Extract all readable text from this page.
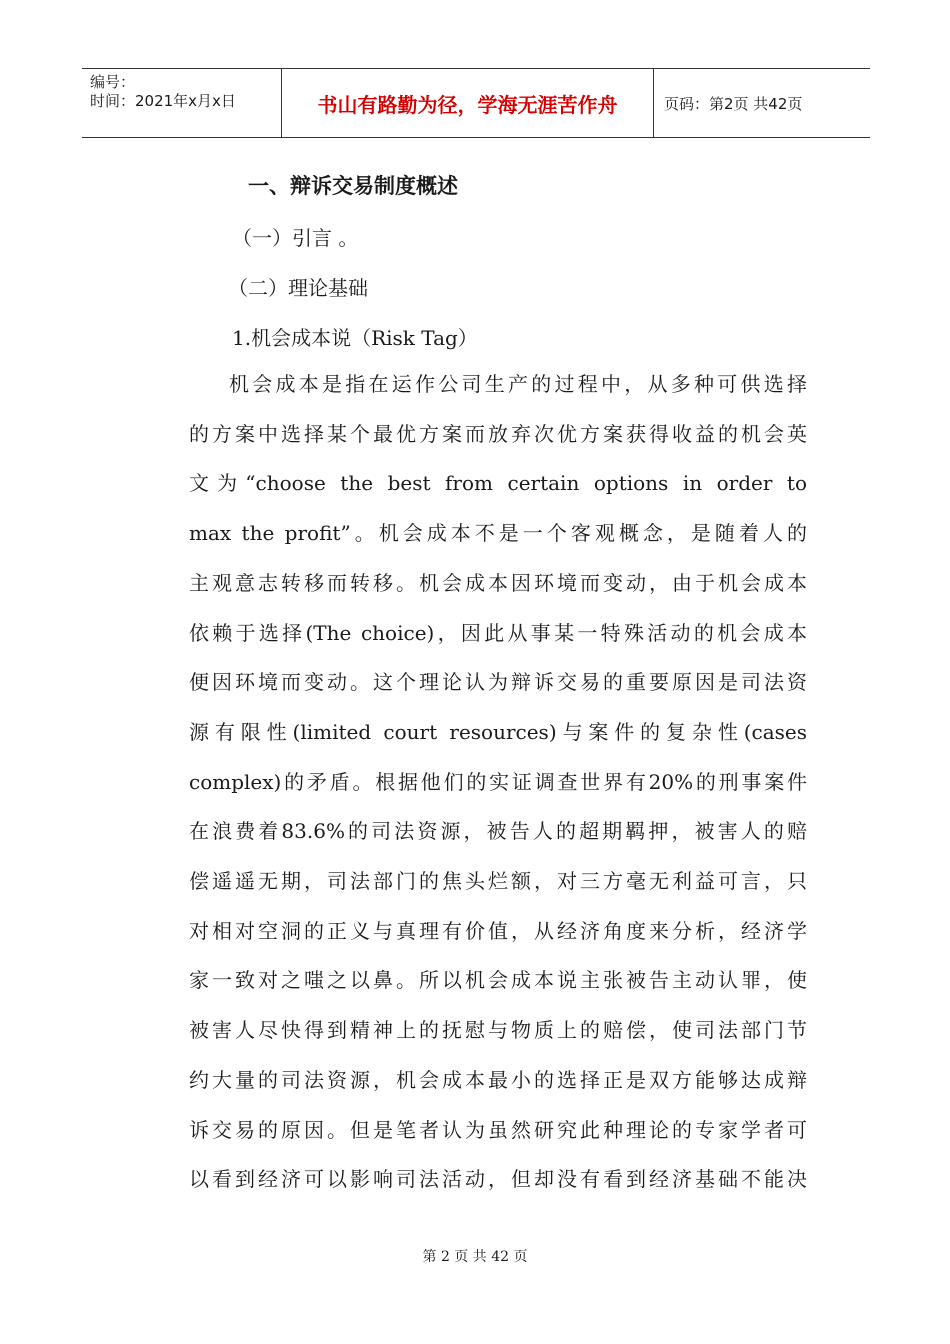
编号：
时间：2021年x月x日	书山有路勤为径，学海无涯苦作舟	页码：第2页 共42页
一、辩诉交易制度概述
（一）引言 。
（二）理论基础
1.机会成本说（Risk Tag）
机会成本是指在运作公司生产的过程中，从多种可供选择
的方案中选择某个最优方案而放弃次优方案获得收益的机会英
文为“choose the best from certain options in order to
max the profit”。机会成本不是一个客观概念，是随着人的
主观意志转移而转移。机会成本因环境而变动，由于机会成本
依赖于选择(The choice)，因此从事某一特殊活动的机会成本
便因环境而变动。这个理论认为辩诉交易的重要原因是司法资
源有限性(limited court resources)与案件的复杂性(cases
complex)的矛盾。根据他们的实证调查世界有20%的刑事案件
在浪费着83.6%的司法资源，被告人的超期羁押，被害人的赔
偿遥遥无期，司法部门的焦头烂额，对三方毫无利益可言，只
对相对空洞的正义与真理有价值，从经济角度来分析，经济学
家一致对之嗤之以鼻。所以机会成本说主张被告主动认罪，使
被害人尽快得到精神上的抚慰与物质上的赔偿，使司法部门节
约大量的司法资源，机会成本最小的选择正是双方能够达成辩
诉交易的原因。但是笔者认为虽然研究此种理论的专家学者可
以看到经济可以影响司法活动，但却没有看到经济基础不能决
第 2 页 共 42 页
